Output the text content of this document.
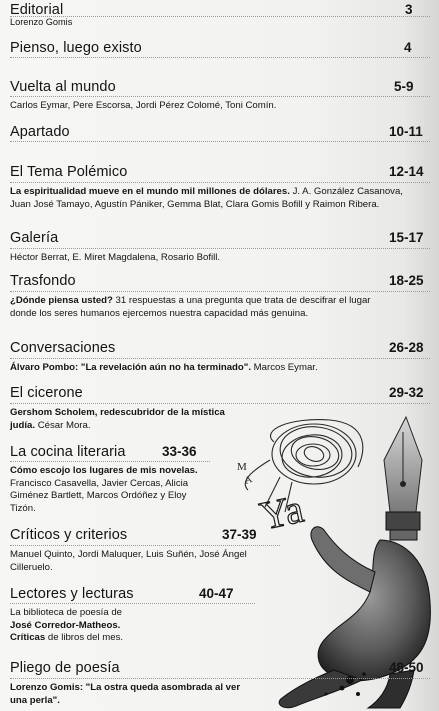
M
A
Ya
Editorial	3
Lorenzo Gomis
Pienso, luego existo	4
Vuelta al mundo	5-9
Carlos Eymar, Pere Escorsa, Jordi Pérez Colomé, Toni Comín.
Apartado	10-11
El Tema Polémico	12-14
La espiritualidad mueve en el mundo mil millones de dólares. J. A. González Casanova,
Juan José Tamayo, Agustín Pániker, Gemma Blat, Clara Gomis Bofill y Raimon Ribera.
Galería	15-17
Héctor Berrat, E. Miret Magdalena, Rosario Bofill.
Trasfondo	18-25
¿Dónde piensa usted? 31 respuestas a una pregunta que trata de descifrar el lugar
donde los seres humanos ejercemos nuestra capacidad más genuina.
Conversaciones	26-28
Álvaro Pombo: "La revelación aún no ha terminado". Marcos Eymar.
El cicerone	29-32
Gershom Scholem, redescubridor de la mística
judía. César Mora.
La cocina literaria	33-36
Cómo escojo los lugares de mis novelas.
Francisco Casavella, Javier Cercas, Alicia
Giménez Bartlett, Marcos Ordóñez y Eloy
Tizón.
Críticos y criterios	37-39
Manuel Quinto, Jordi Maluquer, Luis Suñén, José Ángel
Cilleruelo.
Lectores y lecturas	40-47
La biblioteca de poesía de
José Corredor-Matheos.
Críticas de libros del mes.
Pliego de poesía	48-50
Lorenzo Gomis: "La ostra queda asombrada al ver
una perla".
